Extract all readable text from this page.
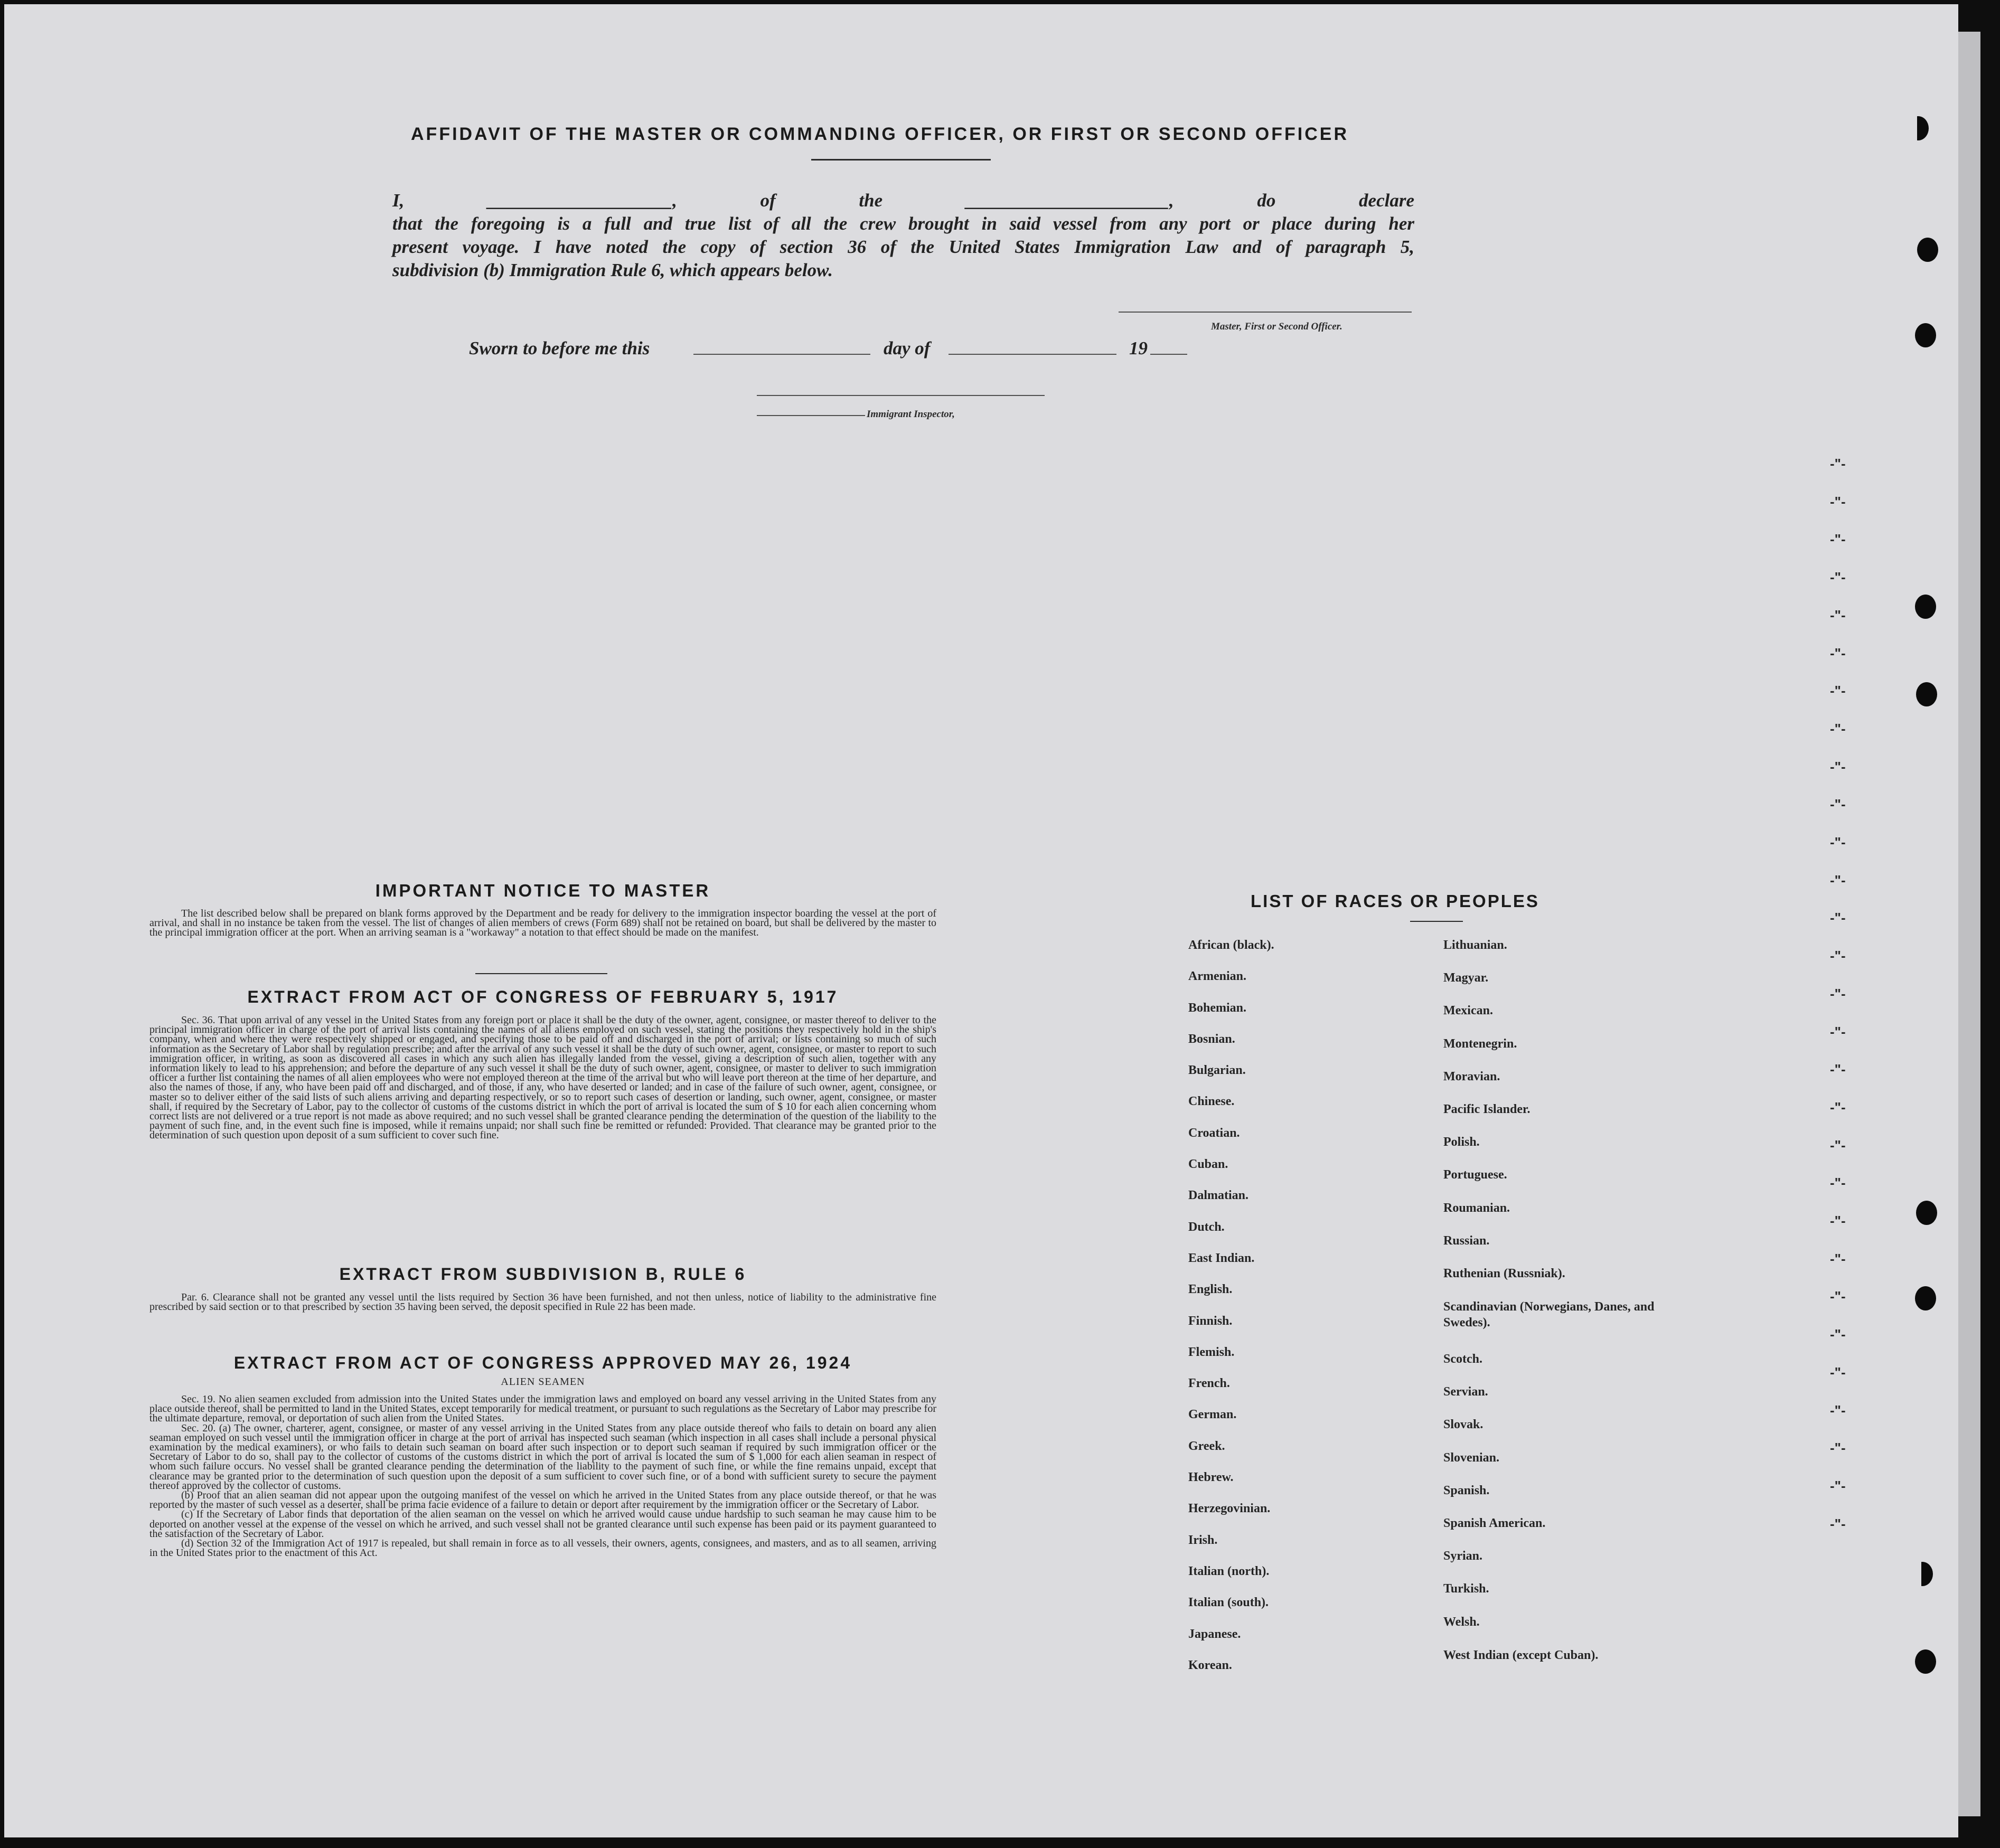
AFFIDAVIT OF THE MASTER OR COMMANDING OFFICER, OR FIRST OR SECOND OFFICER
I, ____________________, of the ______________________, do declare
that the foregoing is a full and true list of all the crew brought in said vessel from any port or place during her
present voyage. I have noted the copy of section 36 of the United States Immigration Law and of paragraph 5,
subdivision (b) Immigration Rule 6, which appears below.
Master, First or Second Officer.
Sworn to before me this	day of	19
Immigrant Inspector,
IMPORTANT NOTICE TO MASTER

The list described below shall be prepared on blank forms approved by the Department and be ready for delivery to the immigration inspector boarding the vessel at the port of arrival, and shall in no instance be taken from the vessel. The list of changes of alien members of crews (Form 689) shall not be retained on board, but shall be delivered by the master to the principal immigration officer at the port. When an arriving seaman is a "workaway" a notation to that effect should be made on the manifest.

EXTRACT FROM ACT OF CONGRESS OF FEBRUARY 5, 1917

Sec. 36. That upon arrival of any vessel in the United States from any foreign port or place it shall be the duty of the owner, agent, consignee, or master thereof to deliver to the principal immigration officer in charge of the port of arrival lists containing the names of all aliens employed on such vessel, stating the positions they respectively hold in the ship's company, when and where they were respectively shipped or engaged, and specifying those to be paid off and discharged in the port of arrival; or lists containing so much of such information as the Secretary of Labor shall by regulation prescribe; and after the arrival of any such vessel it shall be the duty of such owner, agent, consignee, or master to report to such immigration officer, in writing, as soon as discovered all cases in which any such alien has illegally landed from the vessel, giving a description of such alien, together with any information likely to lead to his apprehension; and before the departure of any such vessel it shall be the duty of such owner, agent, consignee, or master to deliver to such immigration officer a further list containing the names of all alien employees who were not employed thereon at the time of the arrival but who will leave port thereon at the time of her departure, and also the names of those, if any, who have been paid off and discharged, and of those, if any, who have deserted or landed; and in case of the failure of such owner, agent, consignee, or master so to deliver either of the said lists of such aliens arriving and departing respectively, or so to report such cases of desertion or landing, such owner, agent, consignee, or master shall, if required by the Secretary of Labor, pay to the collector of customs of the customs district in which the port of arrival is located the sum of $ 10 for each alien concerning whom correct lists are not delivered or a true report is not made as above required; and no such vessel shall be granted clearance pending the determination of the question of the liability to the payment of such fine, and, in the event such fine is imposed, while it remains unpaid; nor shall such fine be remitted or refunded: Provided. That clearance may be granted prior to the determination of such question upon deposit of a sum sufficient to cover such fine.

EXTRACT FROM SUBDIVISION B, RULE 6

Par. 6. Clearance shall not be granted any vessel until the lists required by Section 36 have been furnished, and not then unless, notice of liability to the administrative fine prescribed by said section or to that prescribed by section 35 having been served, the deposit specified in Rule 22 has been made.

EXTRACT FROM ACT OF CONGRESS APPROVED MAY 26, 1924
ALIEN SEAMEN

Sec. 19. No alien seamen excluded from admission into the United States under the immigration laws and employed on board any vessel arriving in the United States from any place outside thereof, shall be permitted to land in the United States, except temporarily for medical treatment, or pursuant to such regulations as the Secretary of Labor may prescribe for the ultimate departure, removal, or deportation of such alien from the United States.

Sec. 20. (a) The owner, charterer, agent, consignee, or master of any vessel arriving in the United States from any place outside thereof who fails to detain on board any alien seaman employed on such vessel until the immigration officer in charge at the port of arrival has inspected such seaman (which inspection in all cases shall include a personal physical examination by the medical examiners), or who fails to detain such seaman on board after such inspection or to deport such seaman if required by such immigration officer or the Secretary of Labor to do so, shall pay to the collector of customs of the customs district in which the port of arrival is located the sum of $ 1,000 for each alien seaman in respect of whom such failure occurs. No vessel shall be granted clearance pending the determination of the liability to the payment of such fine, or while the fine remains unpaid, except that clearance may be granted prior to the determination of such question upon the deposit of a sum sufficient to cover such fine, or of a bond with sufficient surety to secure the payment thereof approved by the collector of customs.

(b) Proof that an alien seaman did not appear upon the outgoing manifest of the vessel on which he arrived in the United States from any place outside thereof, or that he was reported by the master of such vessel as a deserter, shall be prima facie evidence of a failure to detain or deport after requirement by the immigration officer or the Secretary of Labor.

(c) If the Secretary of Labor finds that deportation of the alien seaman on the vessel on which he arrived would cause undue hardship to such seaman he may cause him to be deported on another vessel at the expense of the vessel on which he arrived, and such vessel shall not be granted clearance until such expense has been paid or its payment guaranteed to the satisfaction of the Secretary of Labor.

(d) Section 32 of the Immigration Act of 1917 is repealed, but shall remain in force as to all vessels, their owners, agents, consignees, and masters, and as to all seamen, arriving in the United States prior to the enactment of this Act.

LIST OF RACES OR PEOPLES
African (black).
Armenian.
Bohemian.
Bosnian.
Bulgarian.
Chinese.
Croatian.
Cuban.
Dalmatian.
Dutch.
East Indian.
English.
Finnish.
Flemish.
French.
German.
Greek.
Hebrew.
Herzegovinian.
Irish.
Italian (north).
Italian (south).
Japanese.
Korean.
Lithuanian.
Magyar.
Mexican.
Montenegrin.
Moravian.
Pacific Islander.
Polish.
Portuguese.
Roumanian.
Russian.
Ruthenian (Russniak).
Scandinavian (Norwegians, Danes, and Swedes).
Scotch.
Servian.
Slovak.
Slovenian.
Spanish.
Spanish American.
Syrian.
Turkish.
Welsh.
West Indian (except Cuban).
-"-
-"-
-"-
-"-
-"-
-"-
-"-
-"-
-"-
-"-
-"-
-"-
-"-
-"-
-"-
-"-
-"-
-"-
-"-
-"-
-"-
-"-
-"-
-"-
-"-
-"-
-"-
-"-
-"-
